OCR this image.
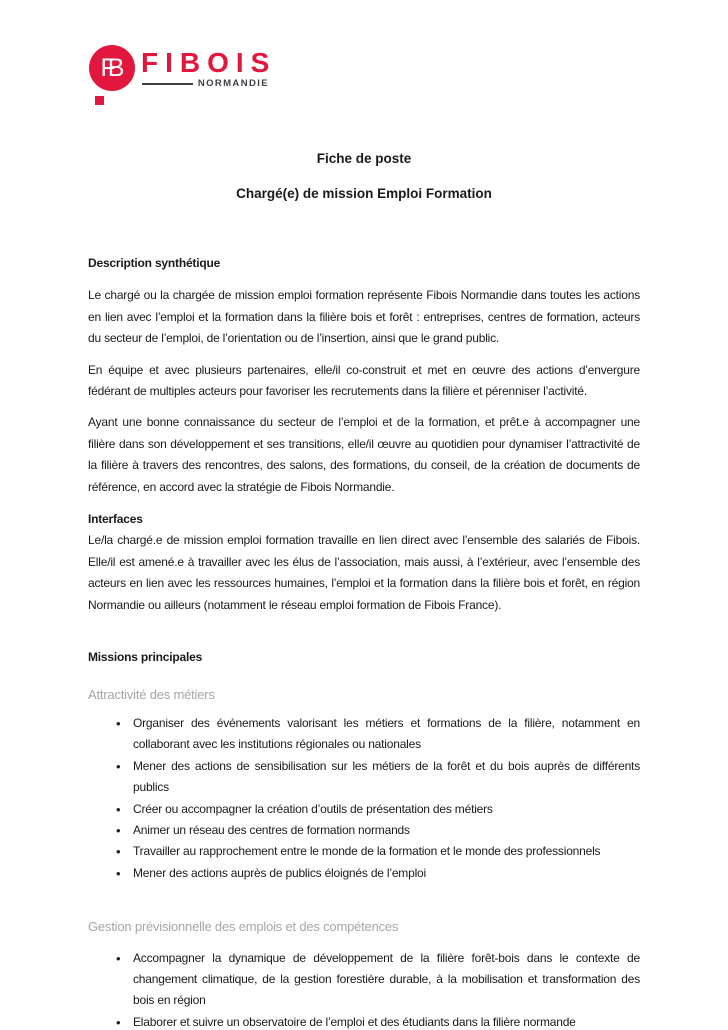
FB FIBOIS
NORMANDIE
Fiche de poste
Chargé(e) de mission Emploi Formation
Description synthétique

Le chargé ou la chargée de mission emploi formation représente Fibois Normandie dans toutes les actions en lien avec l’emploi et la formation dans la filière bois et forêt : entreprises, centres de formation, acteurs du secteur de l’emploi, de l’orientation ou de l’insertion, ainsi que le grand public.

En équipe et avec plusieurs partenaires, elle/il co-construit et met en œuvre des actions d’envergure fédérant de multiples acteurs pour favoriser les recrutements dans la filière et pérenniser l’activité.

Ayant une bonne connaissance du secteur de l’emploi et de la formation, et prêt.e à accompagner une filière dans son développement et ses transitions, elle/il œuvre au quotidien pour dynamiser l’attractivité de la filière à travers des rencontres, des salons, des formations, du conseil, de la création de documents de référence, en accord avec la stratégie de Fibois Normandie.

Interfaces

Le/la chargé.e de mission emploi formation travaille en lien direct avec l’ensemble des salariés de Fibois. Elle/il est amené.e à travailler avec les élus de l’association, mais aussi, à l’extérieur, avec l’ensemble des acteurs en lien avec les ressources humaines, l’emploi et la formation dans la filière bois et forêt, en région Normandie ou ailleurs (notamment le réseau emploi formation de Fibois France).

Missions principales
Attractivité des métiers
• Organiser des événements valorisant les métiers et formations de la filière, notamment en collaborant avec les institutions régionales ou nationales
• Mener des actions de sensibilisation sur les métiers de la forêt et du bois auprès de différents publics
• Créer ou accompagner la création d’outils de présentation des métiers
• Animer un réseau des centres de formation normands
• Travailler au rapprochement entre le monde de la formation et le monde des professionnels
• Mener des actions auprès de publics éloignés de l’emploi
Gestion prévisionnelle des emplois et des compétences
• Accompagner la dynamique de développement de la filière forêt-bois dans le contexte de changement climatique, de la gestion forestière durable, à la mobilisation et transformation des bois en région
• Elaborer et suivre un observatoire de l’emploi et des étudiants dans la filière normande
